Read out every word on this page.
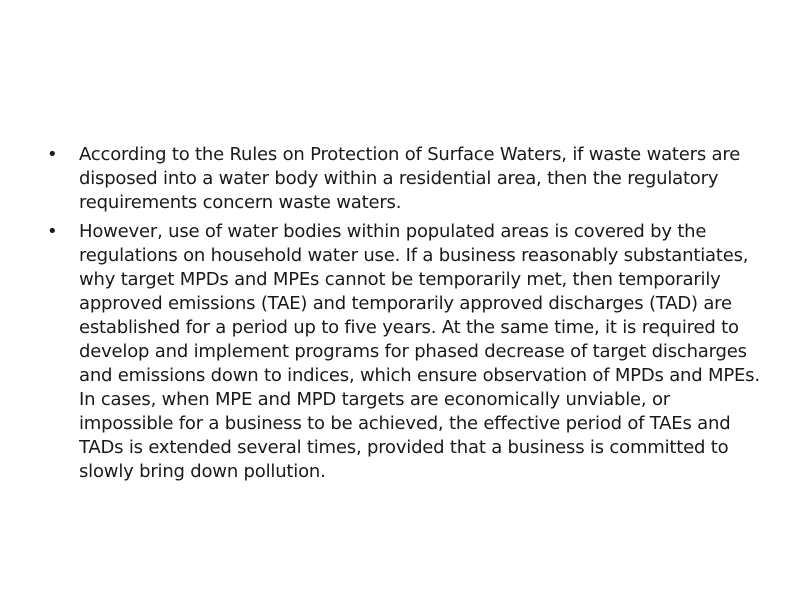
• According to the Rules on Protection of Surface Waters, if waste waters are disposed into a water body within a residential area, then the regulatory requirements concern waste waters.
• However, use of water bodies within populated areas is covered by the regulations on household water use. If a business reasonably substantiates, why target MPDs and MPEs cannot be temporarily met, then temporarily approved emissions (TAE) and temporarily approved discharges (TAD) are established for a period up to five years. At the same time, it is required to develop and implement programs for phased decrease of target discharges and emissions down to indices, which ensure observation of MPDs and MPEs. In cases, when MPE and MPD targets are economically unviable, or impossible for a business to be achieved, the effective period of TAEs and TADs is extended several times, provided that a business is committed to slowly bring down pollution.
